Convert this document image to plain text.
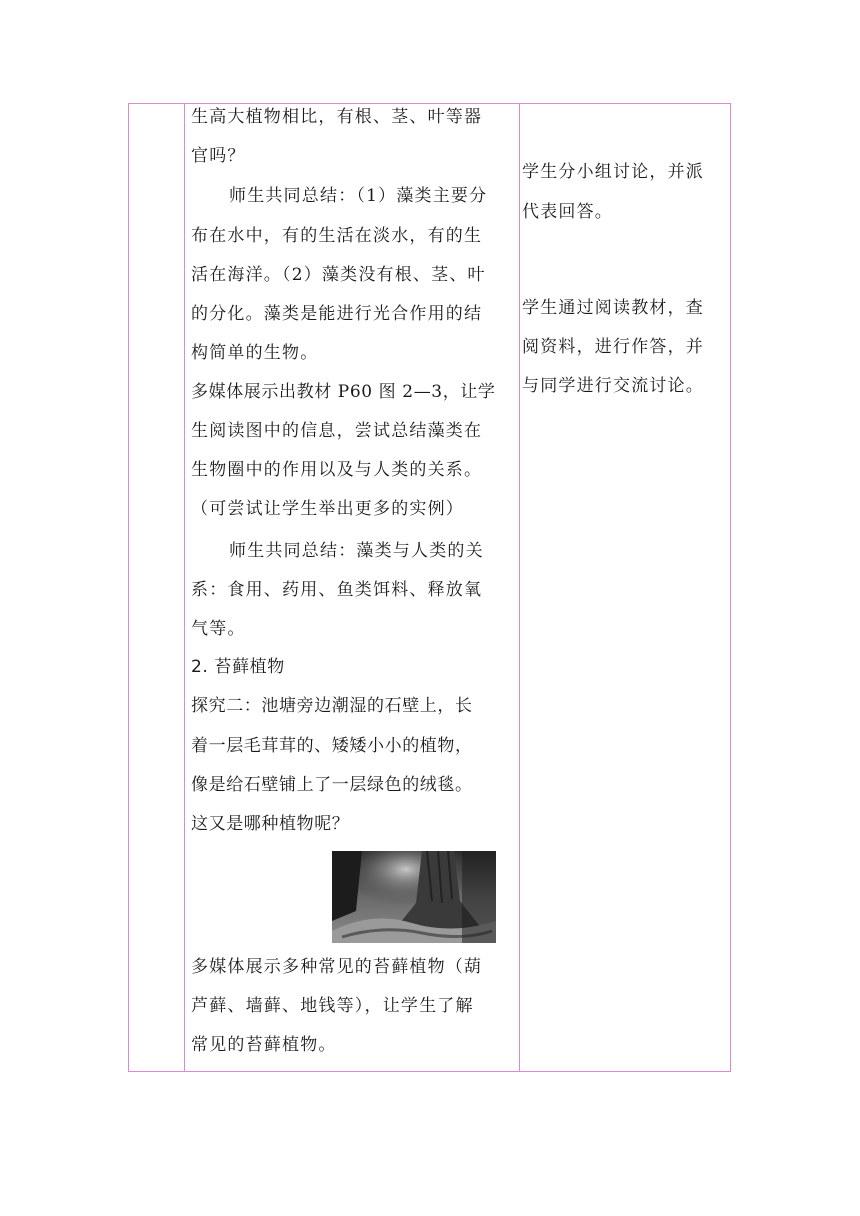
生高大植物相比，有根、茎、叶等器
官吗？
师生共同总结：（1）藻类主要分
布在水中，有的生活在淡水，有的生
活在海洋。（2）藻类没有根、茎、叶
的分化。藻类是能进行光合作用的结
构简单的生物。
多媒体展示出教材 P60 图 2—3，让学
生阅读图中的信息，尝试总结藻类在
生物圈中的作用以及与人类的关系。
（可尝试让学生举出更多的实例）
师生共同总结：藻类与人类的关
系：食用、药用、鱼类饵料、释放氧
气等。
2. 苔藓植物
探究二：池塘旁边潮湿的石壁上，长
着一层毛茸茸的、矮矮小小的植物，
像是给石壁铺上了一层绿色的绒毯。
这又是哪种植物呢？
多媒体展示多种常见的苔藓植物（葫
芦藓、墙藓、地钱等），让学生了解
常见的苔藓植物。
学生分小组讨论，并派
代表回答。
学生通过阅读教材，查
阅资料，进行作答，并
与同学进行交流讨论。
